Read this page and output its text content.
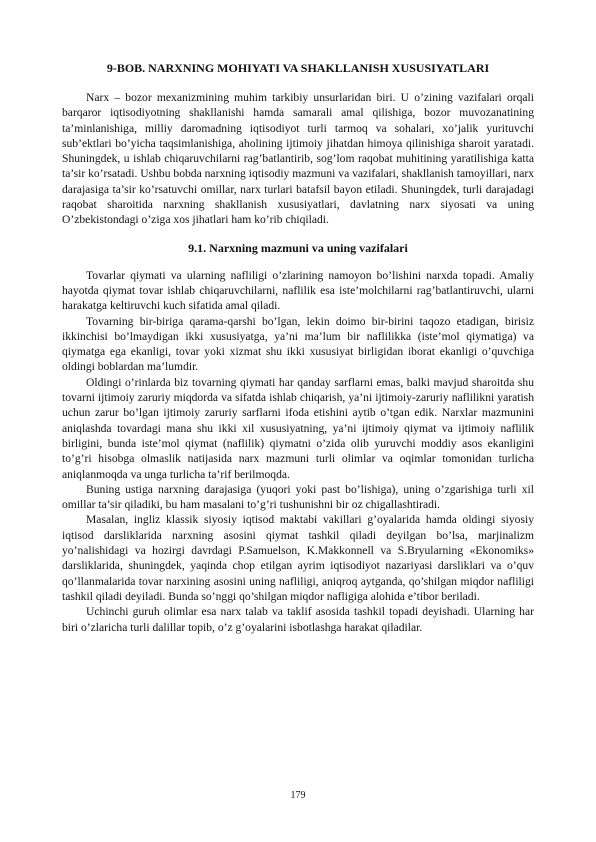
9-BOB. NARXNING MOHIYATI VA SHAKLLANISH XUSUSIYATLARI

Narx – bozor mexanizmining muhim tarkibiy unsurlaridan biri. U o’zining vazifalari orqali barqaror iqtisodiyotning shakllanishi hamda samarali amal qilishiga, bozor muvozanatining ta’minlanishiga, milliy daromadning iqtisodiyot turli tarmoq va sohalari, xo’jalik yurituvchi sub’ektlari bo’yicha taqsimlanishiga, aholining ijtimoiy jihatdan himoya qilinishiga sharoit yaratadi. Shuningdek, u ishlab chiqaruvchilarni rag’batlantirib, sog’lom raqobat muhitining yaratilishiga katta ta’sir ko’rsatadi. Ushbu bobda narxning iqtisodiy mazmuni va vazifalari, shakllanish tamoyillari, narx darajasiga ta’sir ko’rsatuvchi omillar, narx turlari batafsil bayon etiladi. Shuningdek, turli darajadagi raqobat sharoitida narxning shakllanish xususiyatlari, davlatning narx siyosati va uning O’zbekistondagi o’ziga xos jihatlari ham ko’rib chiqiladi.

9.1. Narxning mazmuni va uning vazifalari

Tovarlar qiymati va ularning nafliligi o’zlarining namoyon bo’lishini narxda topadi. Amaliy hayotda qiymat tovar ishlab chiqaruvchilarni, naflilik esa iste’molchilarni rag’batlantiruvchi, ularni harakatga keltiruvchi kuch sifatida amal qiladi.

Tovarning bir-biriga qarama-qarshi bo’lgan, lekin doimo bir-birini taqozo etadigan, birisiz ikkinchisi bo’lmaydigan ikki xususiyatga, ya’ni ma’lum bir naflilikka (iste’mol qiymatiga) va qiymatga ega ekanligi, tovar yoki xizmat shu ikki xususiyat birligidan iborat ekanligi o’quvchiga oldingi boblardan ma’lumdir.

Oldingi o’rinlarda biz tovarning qiymati har qanday sarflarni emas, balki mavjud sharoitda shu tovarni ijtimoiy zaruriy miqdorda va sifatda ishlab chiqarish, ya’ni ijtimoiy-zaruriy naflilikni yaratish uchun zarur bo’lgan ijtimoiy zaruriy sarflarni ifoda etishini aytib o’tgan edik. Narxlar mazmunini aniqlashda tovardagi mana shu ikki xil xususiyatning, ya’ni ijtimoiy qiymat va ijtimoiy naflilik birligini, bunda iste’mol qiymat (naflilik) qiymatni o’zida olib yuruvchi moddiy asos ekanligini to’g’ri hisobga olmaslik natijasida narx mazmuni turli olimlar va oqimlar tomonidan turlicha aniqlanmoqda va unga turlicha ta’rif berilmoqda.

Buning ustiga narxning darajasiga (yuqori yoki past bo’lishiga), uning o’zgarishiga turli xil omillar ta’sir qiladiki, bu ham masalani to’g’ri tushunishni bir oz chigallashtiradi.

Masalan, ingliz klassik siyosiy iqtisod maktabi vakillari g’oyalarida hamda oldingi siyosiy iqtisod darsliklarida narxning asosini qiymat tashkil qiladi deyilgan bo’lsa, marjinalizm yo’nalishidagi va hozirgi davrdagi P.Samuelson, K.Makkonnell va S.Bryularning «Ekonomiks» darsliklarida, shuningdek, yaqinda chop etilgan ayrim iqtisodiyot nazariyasi darsliklari va o’quv qo’llanmalarida tovar narxining asosini uning nafliligi, aniqroq aytganda, qo’shilgan miqdor nafliligi tashkil qiladi deyiladi. Bunda so’nggi qo’shilgan miqdor nafligiga alohida e’tibor beriladi.

Uchinchi guruh olimlar esa narx talab va taklif asosida tashkil topadi deyishadi. Ularning har biri o’zlaricha turli dalillar topib, o’z g’oyalarini isbotlashga harakat qiladilar.

179
